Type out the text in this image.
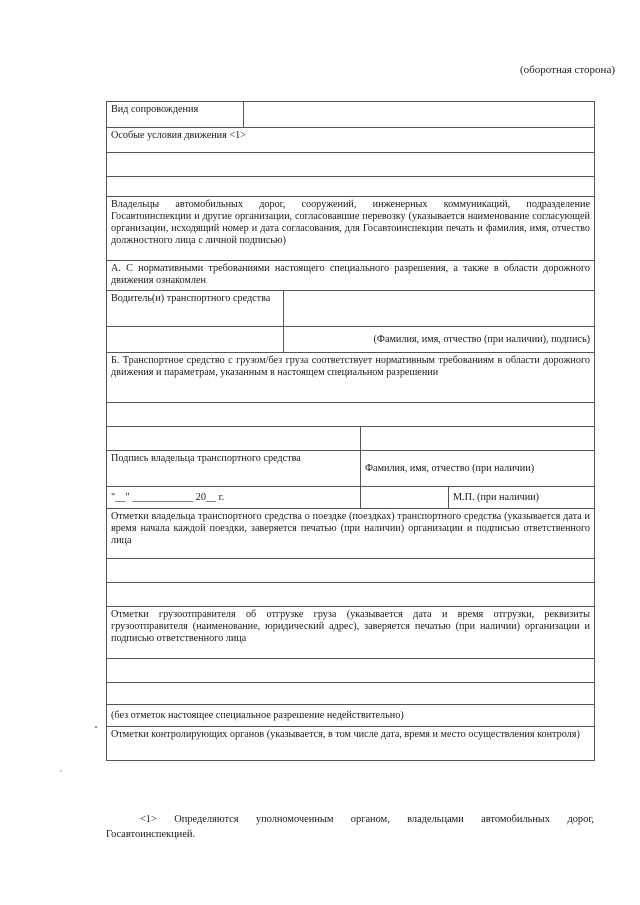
(оборотная сторона)
Вид сопровождения				
Особые условия движения <1>				

Владельцы автомобильных дорог, сооружений, инженерных коммуникаций, подразделение Госавтоинспекции и другие организации, согласовавшие перевозку (указывается наименование согласующей организации, исходящий номер и дата согласования, для Госавтоинспекции печать и фамилия, имя, отчество должностного лица с личной подписью)				
А. С нормативными требованиями настоящего специального разрешения, а также в области дорожного движения ознакомлен				
Водитель(и) транспортного средства				
		(Фамилия, имя, отчество (при наличии), подпись)		
Б. Транспортное средство с грузом/без груза соответствует нормативным требованиям в области дорожного движения и параметрам, указанным в настоящем специальном разрешении				

Подпись владельца транспортного средства			Фамилия, имя, отчество (при наличии)	
"__" ____________ 20__ г.				М.П. (при наличии)
Отметки владельца транспортного средства о поездке (поездках) транспортного средства (указывается дата и время начала каждой поездки, заверяется печатью (при наличии) организации и подписью ответственного лица				

Отметки грузоотправителя об отгрузке груза (указывается дата и время отгрузки, реквизиты грузоотправителя (наименование, юридический адрес), заверяется печатью (при наличии) организации и подписью ответственного лица				

(без отметок настоящее специальное разрешение недействительно)				
Отметки контролирующих органов (указывается, в том числе дата, время и место осуществления контроля)				
<1> Определяются уполномоченным органом, владельцами автомобильных дорог, Госавтоинспекцией.
